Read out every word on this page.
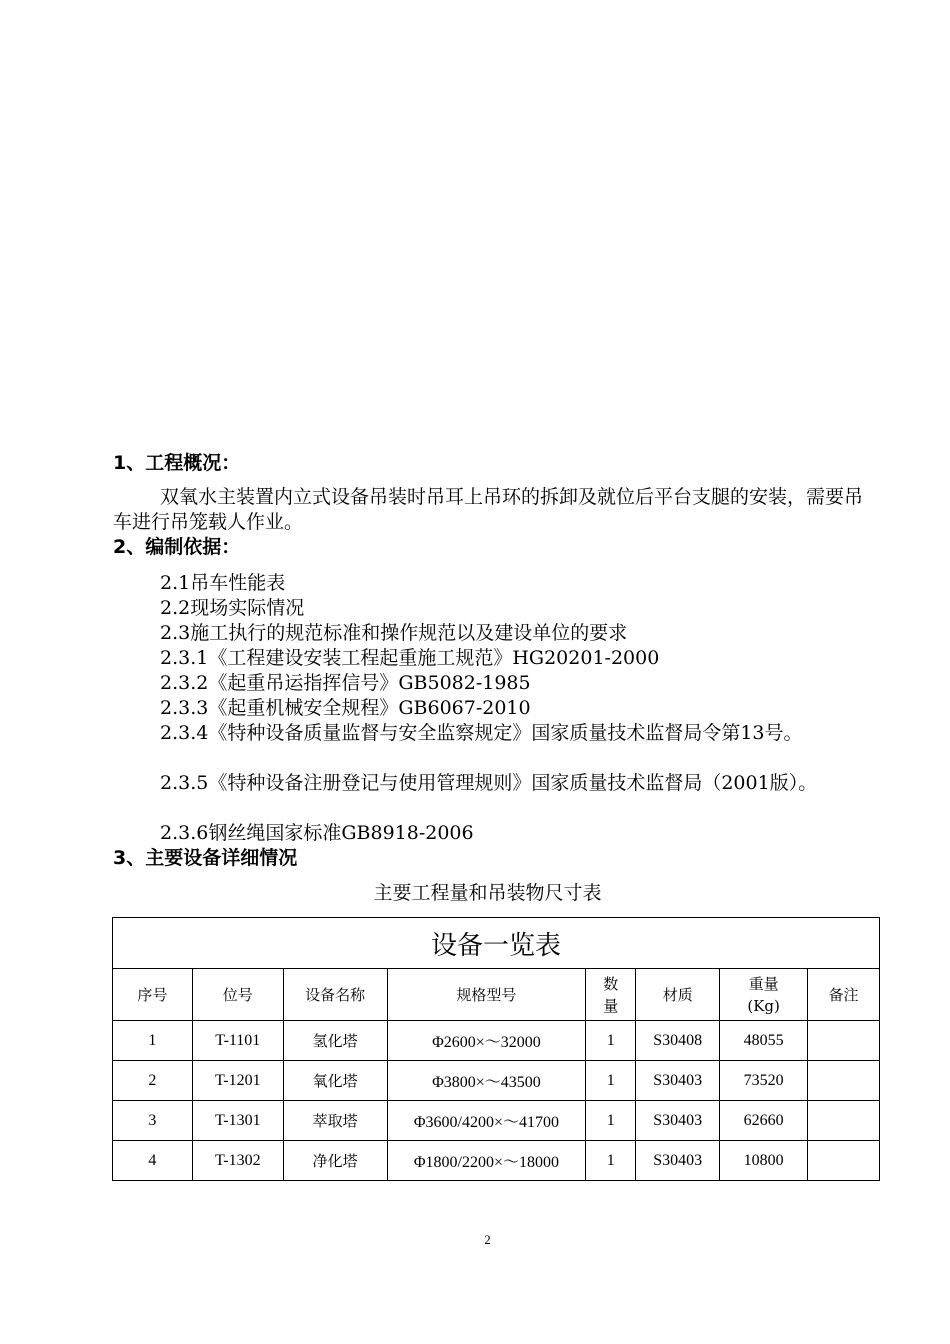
1、工程概况：
双氧水主装置内立式设备吊装时吊耳上吊环的拆卸及就位后平台支腿的安装，需要吊车进行吊笼载人作业。
2、编制依据：
2.1吊车性能表
2.2现场实际情况
2.3施工执行的规范标准和操作规范以及建设单位的要求
2.3.1《工程建设安装工程起重施工规范》HG20201-2000
2.3.2《起重吊运指挥信号》GB5082-1985
2.3.3《起重机械安全规程》GB6067-2010
2.3.4《特种设备质量监督与安全监察规定》国家质量技术监督局令第13号。
2.3.5《特种设备注册登记与使用管理规则》国家质量技术监督局（2001版）。
2.3.6钢丝绳国家标准GB8918-2006
3、主要设备详细情况
主要工程量和吊装物尺寸表
设备一览表							
序号	位号	设备名称	规格型号	数量	材质	重量(Kg)	备注
1	T-1101	氢化塔	Φ2600×～32000	1	S30408	48055	
2	T-1201	氧化塔	Φ3800×～43500	1	S30403	73520	
3	T-1301	萃取塔	Φ3600/4200×～41700	1	S30403	62660	
4	T-1302	净化塔	Φ1800/2200×～18000	1	S30403	10800	
2
